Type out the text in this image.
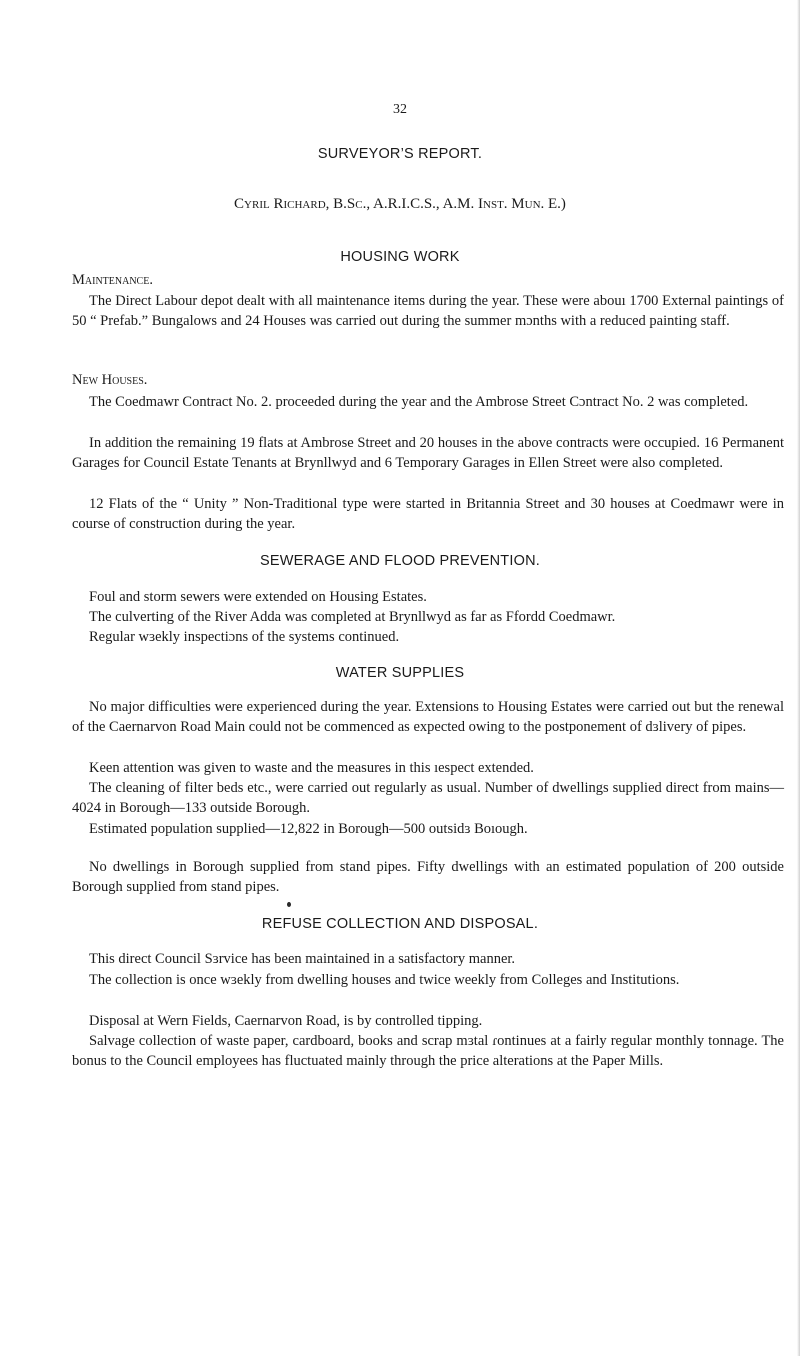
32
SURVEYOR’S REPORT.
Cyril Richard, B.Sc., A.R.I.C.S., A.M. Inst. Mun. E.)
HOUSING WORK
Maintenance.

The Direct Labour depot dealt with all maintenance items during the year. These were abouı 1700 External paintings of 50 “ Prefab.” Bungalows and 24 Houses was carried out during the summer mɔnths with a reduced painting staff.

New Houses.

The Coedmawr Contract No. 2. proceeded during the year and the Ambrose Street Cɔntract No. 2 was completed.

In addition the remaining 19 flats at Ambrose Street and 20 houses in the above contracts were occupied. 16 Permanent Garages for Council Estate Tenants at Brynllwyd and 6 Temporary Garages in Ellen Street were also completed.

12 Flats of the “ Unity ” Non-Traditional type were started in Britannia Street and 30 houses at Coedmawr were in course of construction during the year.

SEWERAGE AND FLOOD PREVENTION.

Foul and storm sewers were extended on Housing Estates.

The culverting of the River Adda was completed at Brynllwyd as far as Ffordd Coedmawr.

Regular wɜekly inspectiɔns of the systems continued.

WATER SUPPLIES

No major difficulties were experienced during the year. Extensions to Housing Estates were carried out but the renewal of the Caernarvon Road Main could not be commenced as expected owing to the postponement of dɜlivery of pipes.

Keen attention was given to waste and the measures in this ıespect extended.

The cleaning of filter beds etc., were carried out regularly as usual. Number of dwellings supplied direct from mains—4024 in Borough—133 outside Borough.

Estimated population supplied—12,822 in Borough—500 outsidɜ Boıough.

No dwellings in Borough supplied from stand pipes. Fifty dwellings with an estimated population of 200 outside Borough supplied from stand pipes.

REFUSE COLLECTION AND DISPOSAL.

This direct Council Sɜrvice has been maintained in a satisfactory manner.

The collection is once wɜekly from dwelling houses and twice weekly from Colleges and Institutions.

Disposal at Wern Fields, Caernarvon Road, is by controlled tipping.

Salvage collection of waste paper, cardboard, books and scrap mɜtal ɾontinues at a fairly regular monthly tonnage. The bonus to the Council employees has fluctuated mainly through the price alterations at the Paper Mills.
